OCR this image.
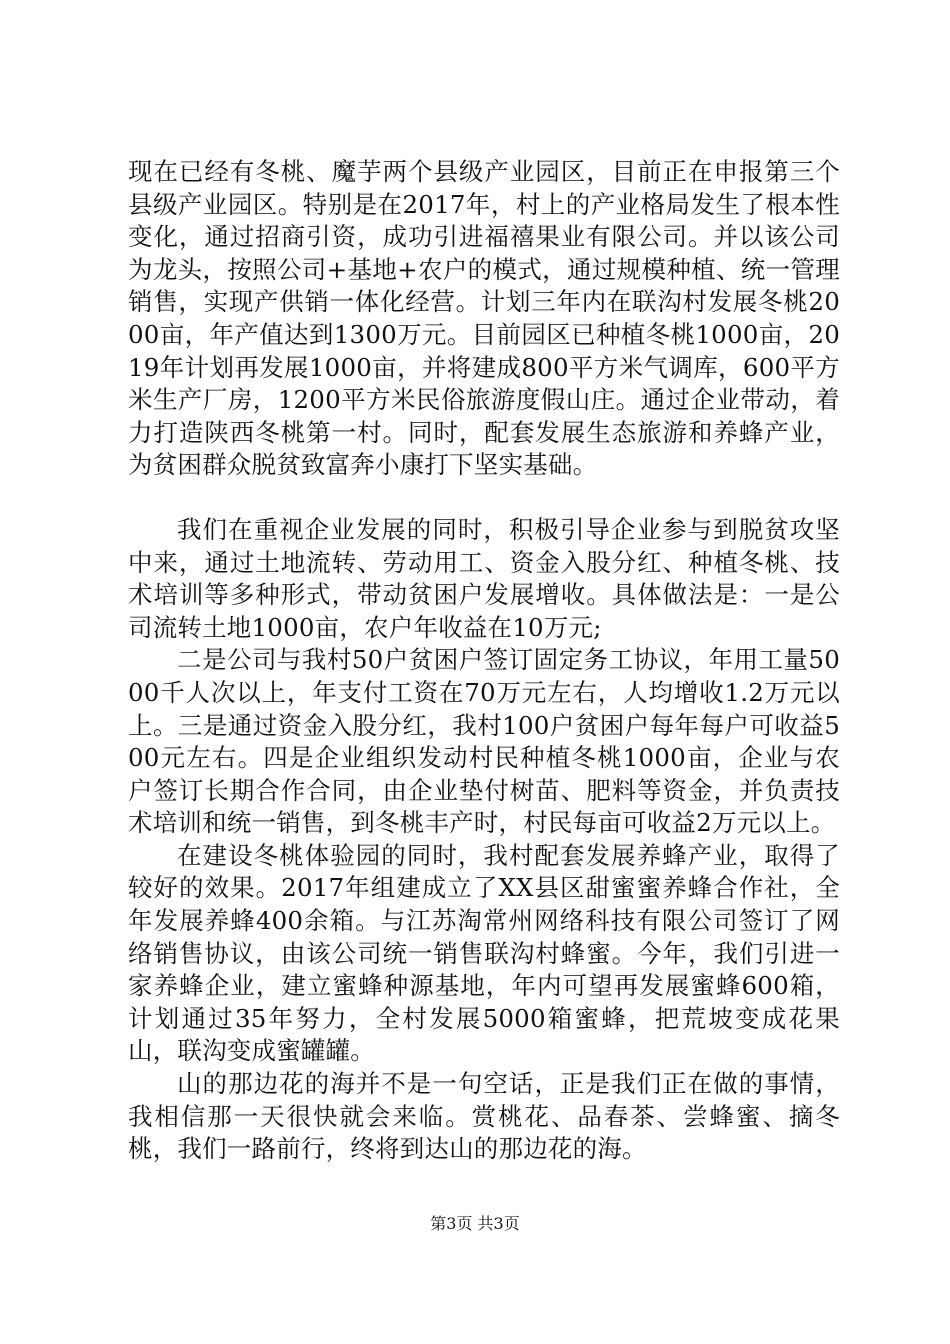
现在已经有冬桃、魔芋两个县级产业园区，目前正在申报第三个县级产业园区。特别是在2017年，村上的产业格局发生了根本性变化，通过招商引资，成功引进福禧果业有限公司。并以该公司为龙头，按照公司+基地+农户的模式，通过规模种植、统一管理销售，实现产供销一体化经营。计划三年内在联沟村发展冬桃2000亩，年产值达到1300万元。目前园区已种植冬桃1000亩，2019年计划再发展1000亩，并将建成800平方米气调库，600平方米生产厂房，1200平方米民俗旅游度假山庄。通过企业带动，着力打造陕西冬桃第一村。同时，配套发展生态旅游和养蜂产业，为贫困群众脱贫致富奔小康打下坚实基础。

我们在重视企业发展的同时，积极引导企业参与到脱贫攻坚中来，通过土地流转、劳动用工、资金入股分红、种植冬桃、技术培训等多种形式，带动贫困户发展增收。具体做法是：一是公司流转土地1000亩，农户年收益在10万元;

二是公司与我村50户贫困户签订固定务工协议，年用工量5000千人次以上，年支付工资在70万元左右，人均增收1.2万元以上。三是通过资金入股分红，我村100户贫困户每年每户可收益500元左右。四是企业组织发动村民种植冬桃1000亩，企业与农户签订长期合作合同，由企业垫付树苗、肥料等资金，并负责技术培训和统一销售，到冬桃丰产时，村民每亩可收益2万元以上。

在建设冬桃体验园的同时，我村配套发展养蜂产业，取得了较好的效果。2017年组建成立了XX县区甜蜜蜜养蜂合作社，全年发展养蜂400余箱。与江苏淘常州网络科技有限公司签订了网络销售协议，由该公司统一销售联沟村蜂蜜。今年，我们引进一家养蜂企业，建立蜜蜂种源基地，年内可望再发展蜜蜂600箱，计划通过35年努力，全村发展5000箱蜜蜂，把荒坡变成花果山，联沟变成蜜罐罐。

山的那边花的海并不是一句空话，正是我们正在做的事情，我相信那一天很快就会来临。赏桃花、品春茶、尝蜂蜜、摘冬桃，我们一路前行，终将到达山的那边花的海。

第3页 共3页
